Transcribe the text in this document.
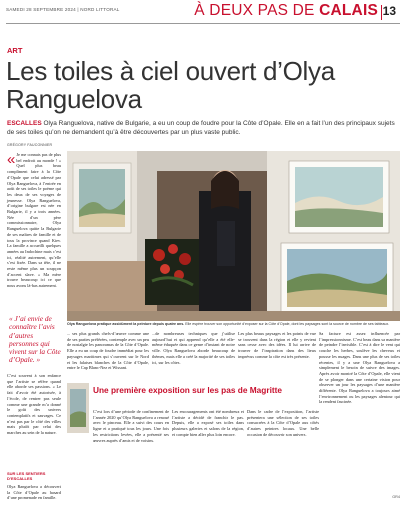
SAMEDI 28 SEPTEMBRE 2024 | NORD LITTORAL	À DEUX PAS DE CALAIS 13
ART
Les toiles à ciel ouvert d’Olya Ranguelova
ESCALLES Olya Ranguelova, native de Bulgarie, a eu un coup de foudre pour la Côte d’Opale. Elle en a fait l’un des principaux sujets de ses toiles qu’on ne demandent qu’à être découvertes par un plus vaste public.
GRÉGORY FAUCONNIER
« Je me connais pas de plus bel endroit au monde ! » Quel plus beau compliment faire à la Côte d’Opale que celui adressé par Olya Ranguelova, à l’entrée en août de ses toiles le poème qui les deux de ses voyages de jeunesse. Olya Ranguelova, d’origine bulgare est née en Bulgarie, il y a trois années. Née d’un père commissionnaire, Olya Ranguelova quitte la Bulgarie de ses maîtres de famille et de tous la province quand Kiev. La famille a accueilli quelques années au Indochine mais c’est ici, réalité autrement, qu’elle s’est fixée. Dans sa tête, il ne reste même plus un soupçon d’accent slave. « Ma mère trouve beaucoup ici ce que nous avons là-bas autrement.
« J’ai envie de connaître l’avis d’autres personnes qui vivent sur la Côte d’Opale. »
C’est souvent à son enfance que l’artiste se réfère quand elle aborde ses passions. « Le fait d’avoir été autorisée, à l’école, de rentrer pas seule comme une grande m’a donné le goût des univers contemplatifs et sauvages. Ce n’est pas par le côté des villes mais plutôt par celui des marches au sein de la nature.
SUR LES SENTIERS D’ESCALLES
Olya Ranguelova a découvert la Côte d’Opale au hasard d’une promenade en famille.
Olya Ranguelova pratique assidûment la peinture depuis quatre ans. Elle espère trouver son opportunité d’exposer sur la Côte d’Opale, dont les paysages sont la source de nombre de ses tableaux.
... ses plus grands chefs-d’œuvre comme une de ses parties préférées, contemple avec un peu de nostalgie les panoramas de la Côte d’Opale. Elle a eu un coup de foudre immédiat pour les paysages maritimes qui s’ouvrent sur le Nord et les falaises blanches de la Côte d’Opale, entre le Cap Blanc-Nez et Wissant.
...de nombreuses techniques que j’utilise aujourd’hui et qui apprend qu’elle a été elle-même éduquée dans ce genre d’instant de notre ville. Olya Ranguelova aborde beaucoup de thèmes, mais elle a créé la majorité de ses toiles ici, sur les côtes.
Les plus beaux paysages et les points de vue se trouvent dans la région et elle y revient sans cesse avec des idées. Il lui arrive de trouver de l’inspiration dans des lieux imprévus comme la côte est très présente.
Sa facture est assez influencée par l’impressionnisme. C’est beau dans sa manière de peindre l’invisible. C’est à dire le vent qui couche les herbes, soulève les cheveux et pousse les nuages. Dans une plus de ses toiles récentes, il y a une Olya Ranguelova a simplement le besoin de suivre des images. Après avoir montré la Côte d’Opale, elle vient de se plonger dans une certaine vision pour observer un jour les paysages d’une manière différente. Olya Ranguelova a toujours aimé l’environnement ou les paysages alentour qui la rendent fascinée.
Une première exposition sur les pas de Magritte
C’est lors d’une période de confinement de l’année 2020 qu’Olya Ranguelova a renoué avec le pinceau. Elle a suivi des cours en ligne et a pratiqué tous les jours. Une fois les restrictions levées, elle a présenté ses œuvres auprès d’amis et de voisins.
Les encouragements ont été nombreux et l’artiste a décidé de franchir le pas. Depuis, elle a exposé ses toiles dans plusieurs galeries et salons de la région, et compte bien aller plus loin encore.
Dans le cadre de l’exposition, l’artiste présentera une sélection de ses toiles consacrées à la Côte d’Opale aux côtés d’autres peintres locaux. Une belle occasion de découvrir son univers.
GR4
